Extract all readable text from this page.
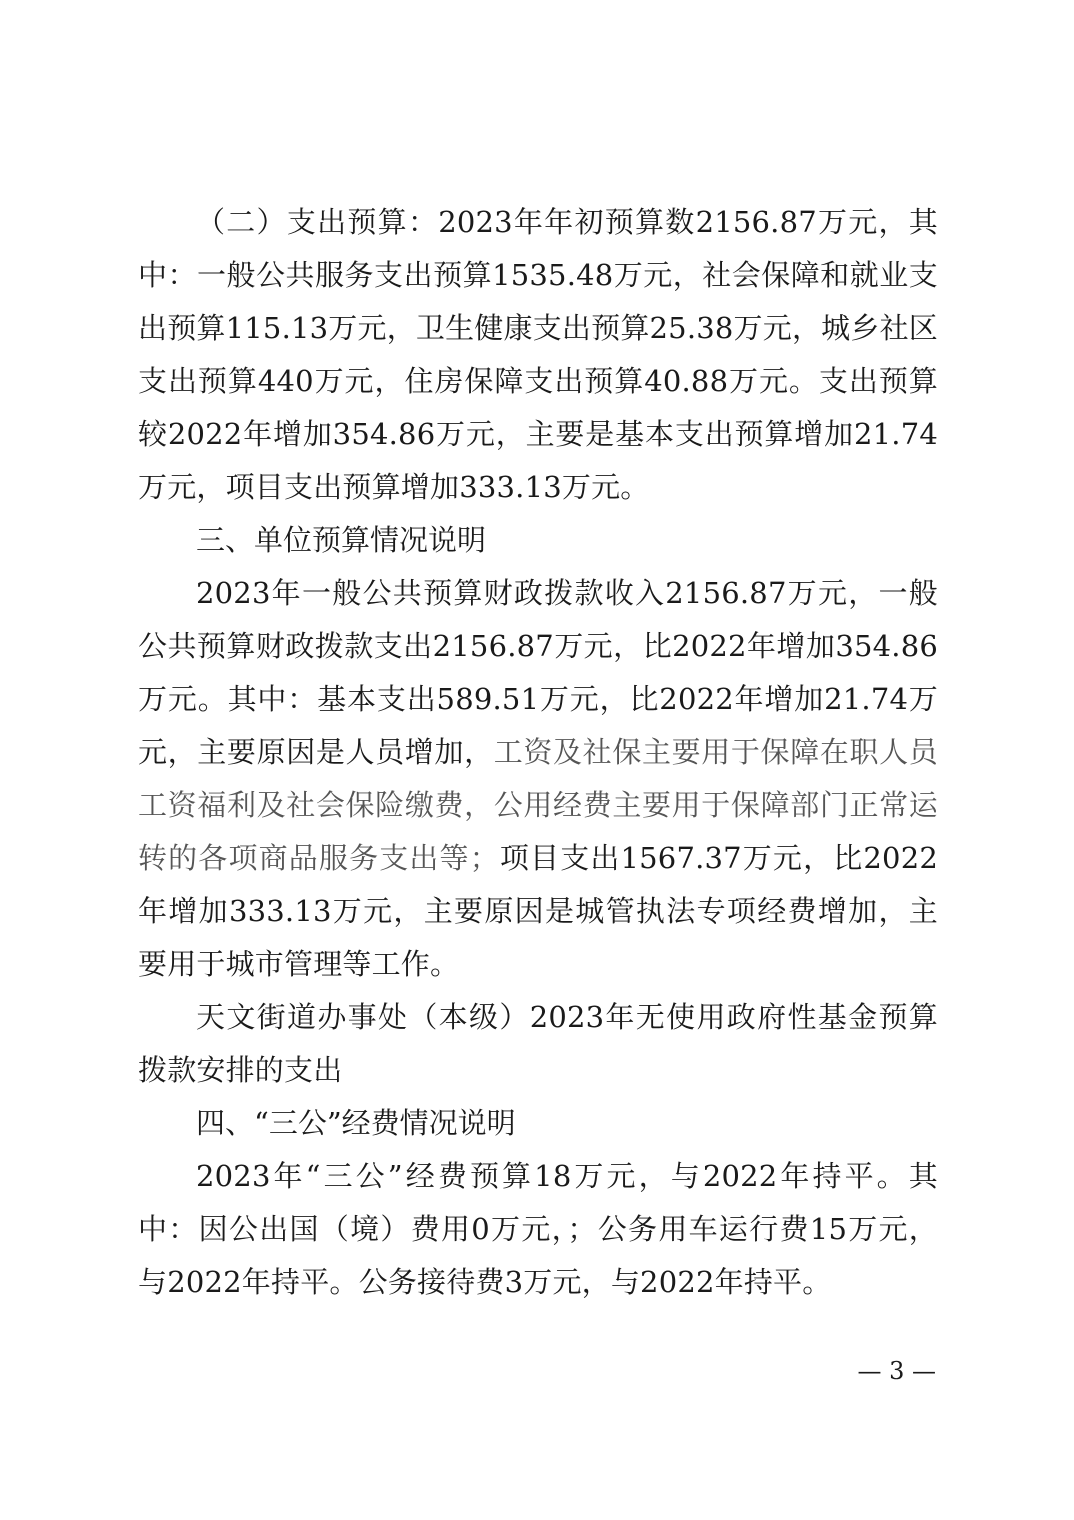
（二）支出预算：2023年年初预算数2156.87万元，其中：一般公共服务支出预算1535.48万元，社会保障和就业支出预算115.13万元，卫生健康支出预算25.38万元，城乡社区支出预算440万元，住房保障支出预算40.88万元。支出预算较2022年增加354.86万元，主要是基本支出预算增加21.74万元，项目支出预算增加333.13万元。

三、单位预算情况说明

2023年一般公共预算财政拨款收入2156.87万元，一般公共预算财政拨款支出2156.87万元，比2022年增加354.86万元。其中：基本支出589.51万元，比2022年增加21.74万元，主要原因是人员增加，工资及社保主要用于保障在职人员工资福利及社会保险缴费，公用经费主要用于保障部门正常运转的各项商品服务支出等；项目支出1567.37万元，比2022年增加333.13万元，主要原因是城管执法专项经费增加，主要用于城市管理等工作。

天文街道办事处（本级）2023年无使用政府性基金预算拨款安排的支出

四、“三公”经费情况说明

2023年“三公”经费预算18万元，与2022年持平。其中：因公出国（境）费用0万元，；公务用车运行费15万元，与2022年持平。公务接待费3万元，与2022年持平。

— 3 —
